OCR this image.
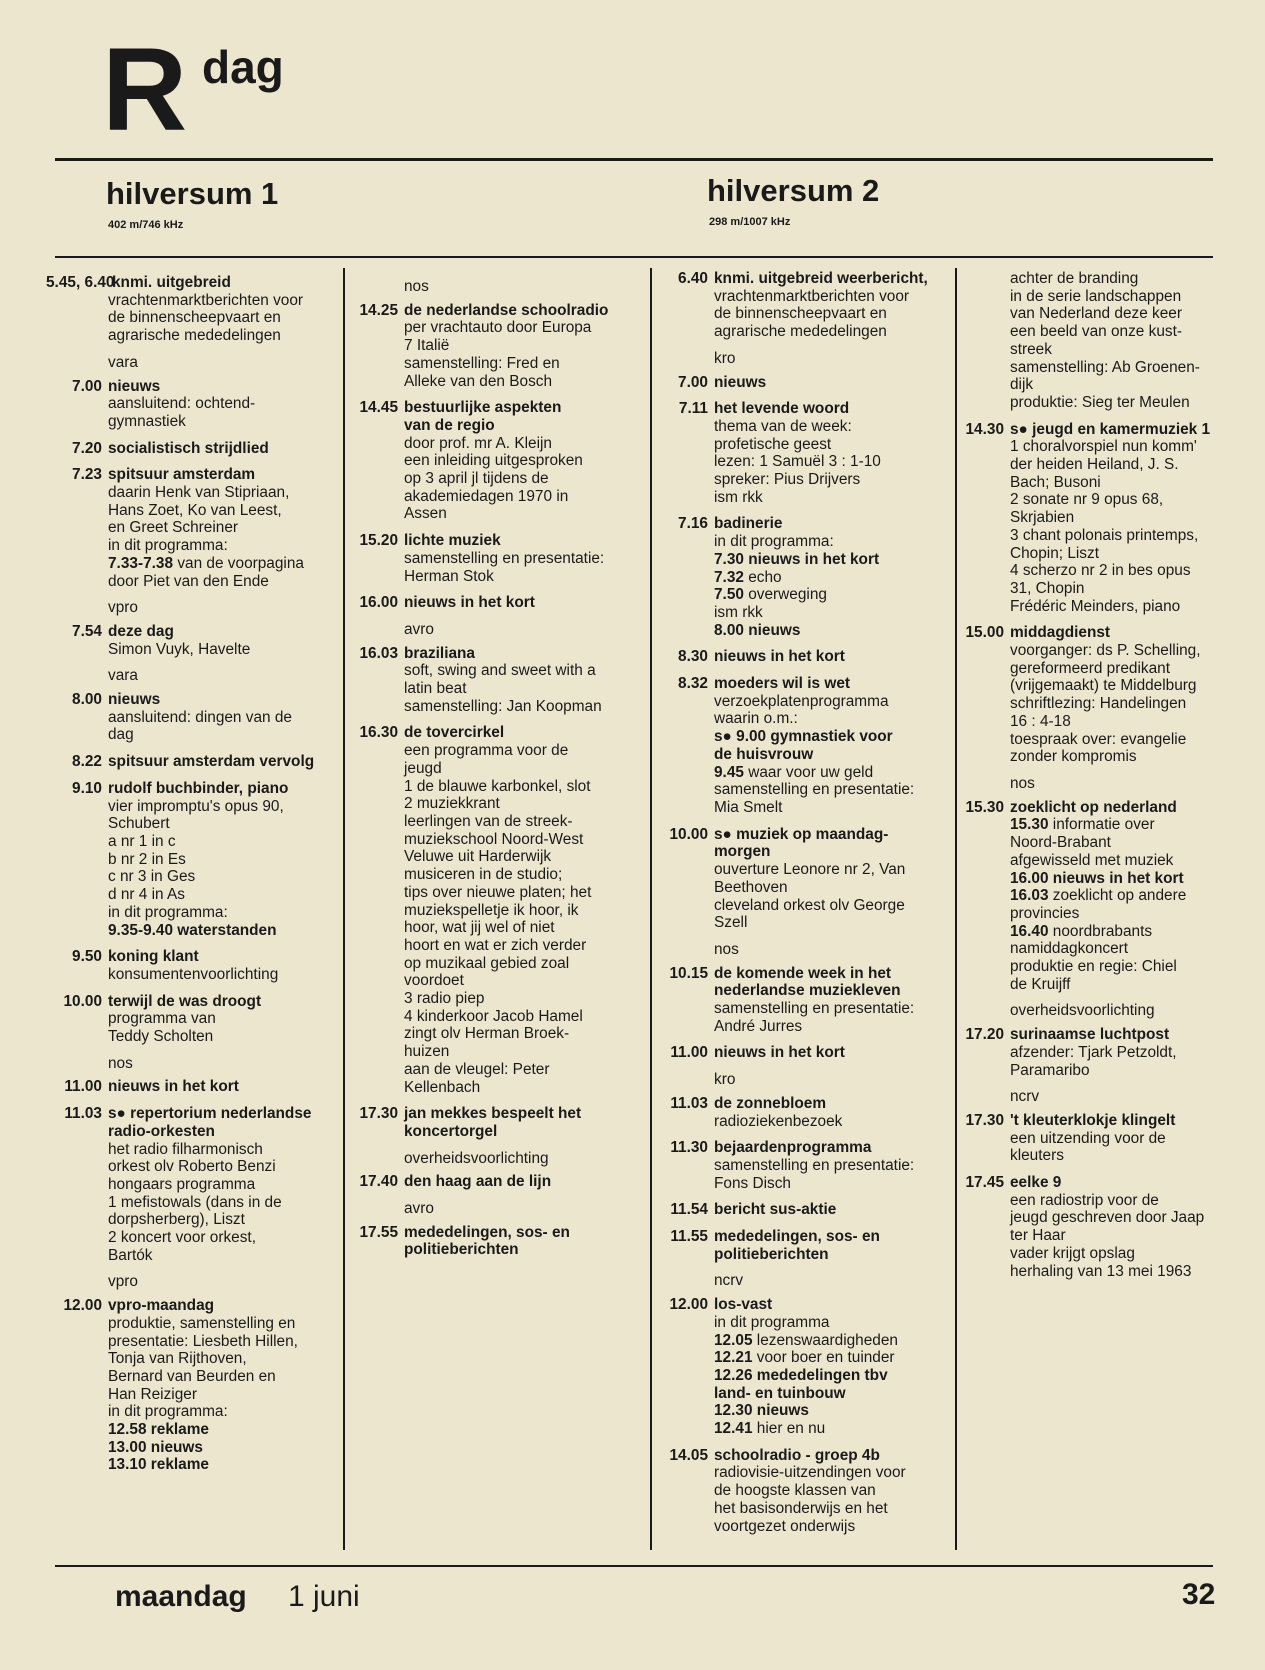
R dag
hilversum 1
402 m/746 kHz
hilversum 2
298 m/1007 kHz
5.45, 6.40
knmi. uitgebreid
vrachtenmarktberichten voor
de binnenscheepvaart en
agrarische mededelingen
vara
7.00 nieuws
aansluitend: ochtend-
gymnastiek
7.20 socialistisch strijdlied
7.23 spitsuur amsterdam
daarin Henk van Stipriaan,
Hans Zoet, Ko van Leest,
en Greet Schreiner
in dit programma:
7.33-7.38 van de voorpagina
door Piet van den Ende
vpro
7.54 deze dag
Simon Vuyk, Havelte
vara
8.00 nieuws
aansluitend: dingen van de
dag
8.22 spitsuur amsterdam vervolg
9.10 rudolf buchbinder, piano
vier impromptu's opus 90,
Schubert
a nr 1 in c
b nr 2 in Es
c nr 3 in Ges
d nr 4 in As
in dit programma:
9.35-9.40 waterstanden
9.50 koning klant
konsumentenvoorlichting
10.00 terwijl de was droogt
programma van
Teddy Scholten
nos
11.00 nieuws in het kort
11.03 s● repertorium nederlandse
radio-orkesten
het radio filharmonisch
orkest olv Roberto Benzi
hongaars programma
1 mefistowals (dans in de
dorpsherberg), Liszt
2 koncert voor orkest,
Bartók
vpro
12.00 vpro-maandag
produktie, samenstelling en
presentatie: Liesbeth Hillen,
Tonja van Rijthoven,
Bernard van Beurden en
Han Reiziger
in dit programma:
12.58 reklame
13.00 nieuws
13.10 reklame
nos
14.25 de nederlandse schoolradio
per vrachtauto door Europa
7 Italië
samenstelling: Fred en
Alleke van den Bosch
14.45 bestuurlijke aspekten
van de regio
door prof. mr A. Kleijn
een inleiding uitgesproken
op 3 april jl tijdens de
akademiedagen 1970 in
Assen
15.20 lichte muziek
samenstelling en presentatie:
Herman Stok
16.00 nieuws in het kort
avro
16.03 braziliana
soft, swing and sweet with a
latin beat
samenstelling: Jan Koopman
16.30 de tovercirkel
een programma voor de
jeugd
1 de blauwe karbonkel, slot
2 muziekkrant
leerlingen van de streek-
muziekschool Noord-West
Veluwe uit Harderwijk
musiceren in de studio;
tips over nieuwe platen; het
muziekspelletje ik hoor, ik
hoor, wat jij wel of niet
hoort en wat er zich verder
op muzikaal gebied zoal
voordoet
3 radio piep
4 kinderkoor Jacob Hamel
zingt olv Herman Broek-
huizen
aan de vleugel: Peter
Kellenbach
17.30 jan mekkes bespeelt het
koncertorgel
overheidsvoorlichting
17.40 den haag aan de lijn
avro
17.55 mededelingen, sos- en
politieberichten
6.40 knmi. uitgebreid weerbericht,
vrachtenmarktberichten voor
de binnenscheepvaart en
agrarische mededelingen
kro
7.00 nieuws
7.11 het levende woord
thema van de week:
profetische geest
lezen: 1 Samuël 3 : 1-10
spreker: Pius Drijvers
ism rkk
7.16 badinerie
in dit programma:
7.30 nieuws in het kort
7.32 echo
7.50 overweging
ism rkk
8.00 nieuws
8.30 nieuws in het kort
8.32 moeders wil is wet
verzoekplatenprogramma
waarin o.m.:
s● 9.00 gymnastiek voor
de huisvrouw
9.45 waar voor uw geld
samenstelling en presentatie:
Mia Smelt
10.00 s● muziek op maandag-
morgen
ouverture Leonore nr 2, Van
Beethoven
cleveland orkest olv George
Szell
nos
10.15 de komende week in het
nederlandse muziekleven
samenstelling en presentatie:
André Jurres
11.00 nieuws in het kort
kro
11.03 de zonnebloem
radioziekenbezoek
11.30 bejaardenprogramma
samenstelling en presentatie:
Fons Disch
11.54 bericht sus-aktie
11.55 mededelingen, sos- en
politieberichten
ncrv
12.00 los-vast
in dit programma
12.05 lezenswaardigheden
12.21 voor boer en tuinder
12.26 mededelingen tbv
land- en tuinbouw
12.30 nieuws
12.41 hier en nu
14.05 schoolradio - groep 4b
radiovisie-uitzendingen voor
de hoogste klassen van
het basisonderwijs en het
voortgezet onderwijs
achter de branding
in de serie landschappen
van Nederland deze keer
een beeld van onze kust-
streek
samenstelling: Ab Groenen-
dijk
produktie: Sieg ter Meulen
14.30 s● jeugd en kamermuziek 1
1 choralvorspiel nun komm'
der heiden Heiland, J. S.
Bach; Busoni
2 sonate nr 9 opus 68,
Skrjabien
3 chant polonais printemps,
Chopin; Liszt
4 scherzo nr 2 in bes opus
31, Chopin
Frédéric Meinders, piano
15.00 middagdienst
voorganger: ds P. Schelling,
gereformeerd predikant
(vrijgemaakt) te Middelburg
schriftlezing: Handelingen
16 : 4-18
toespraak over: evangelie
zonder kompromis
nos
15.30 zoeklicht op nederland
15.30 informatie over
Noord-Brabant
afgewisseld met muziek
16.00 nieuws in het kort
16.03 zoeklicht op andere
provincies
16.40 noordbrabants
namiddagkoncert
produktie en regie: Chiel
de Kruijff
overheidsvoorlichting
17.20 surinaamse luchtpost
afzender: Tjark Petzoldt,
Paramaribo
ncrv
17.30 't kleuterklokje klingelt
een uitzending voor de
kleuters
17.45 eelke 9
een radiostrip voor de
jeugd geschreven door Jaap
ter Haar
vader krijgt opslag
herhaling van 13 mei 1963
maandag 1 juni	32
